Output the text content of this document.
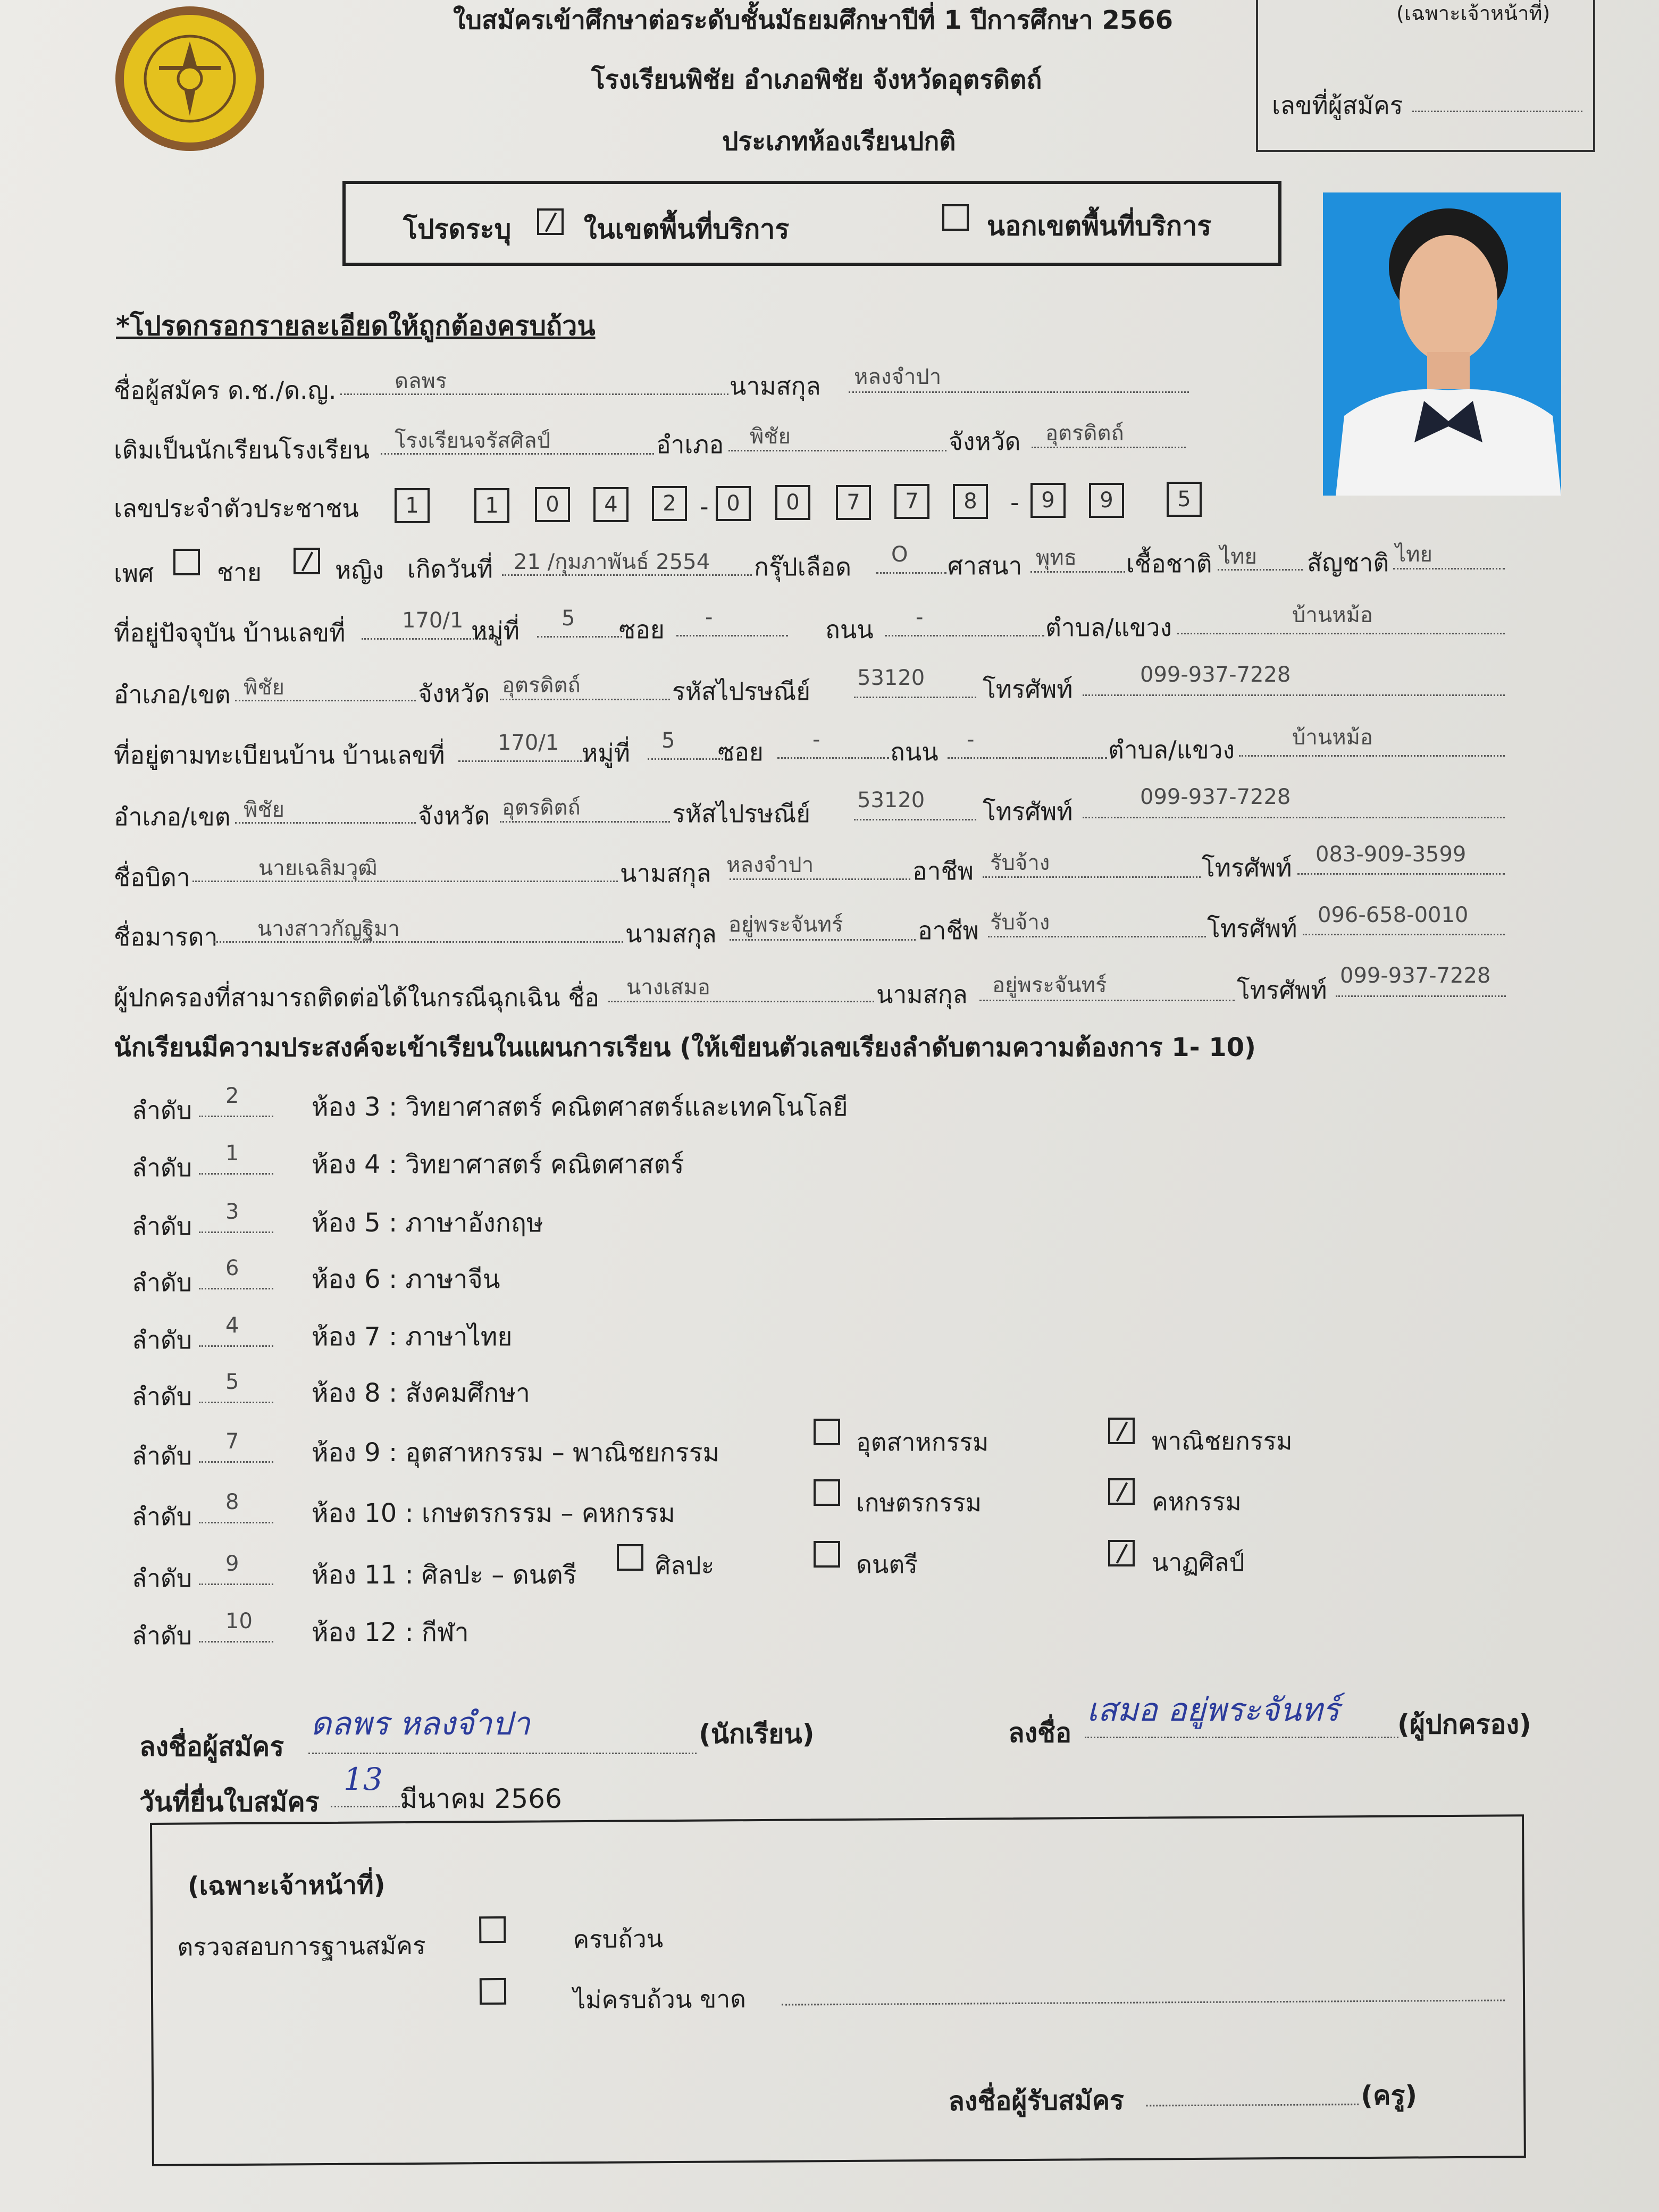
ใบสมัครเข้าศึกษาต่อระดับชั้นมัธยมศึกษาปีที่ 1 ปีการศึกษา 2566
โรงเรียนพิชัย อำเภอพิชัย จังหวัดอุตรดิตถ์
ประเภทห้องเรียนปกติ
(เฉพาะเจ้าหน้าที่)
เลขที่ผู้สมัคร
โปรดระบุ	ในเขตพื้นที่บริการ	นอกเขตพื้นที่บริการ
*โปรดกรอกรายละเอียดให้ถูกต้องครบถ้วน
ชื่อผู้สมัคร ด.ช./ด.ญ.	ดลพร	นามสกุล หลงจำปา
เดิมเป็นนักเรียนโรงเรียน โรงเรียนจรัสศิลป์	อำเภอ พิชัย	จังหวัด อุตรดิตถ์
เลขประจำตัวประชาชน	1	1	0	4	2	0	0	7	7	8	9	9	5
-	-
เพศ	ชาย	หญิง เกิดวันที่ 21 /กุมภาพันธ์ 2554 กรุ๊ปเลือด O ศาสนา พุทธ เชื้อชาติ ไทย สัญชาติ ไทย
ที่อยู่ปัจจุบัน บ้านเลขที่	170/1 หมู่ที่ 5 ซอย -	ถนน -	ตำบล/แขวง	บ้านหม้อ
อำเภอ/เขต พิชัย	จังหวัด อุตรดิตถ์	รหัสไปรษณีย์ 53120 โทรศัพท์	099-937-7228
ที่อยู่ตามทะเบียนบ้าน บ้านเลขที่ 170/1 หมู่ที่ 5 ซอย -	ถนน -	ตำบล/แขวง	บ้านหม้อ
อำเภอ/เขต พิชัย	จังหวัด อุตรดิตถ์	รหัสไปรษณีย์ 53120 โทรศัพท์	099-937-7228
ชื่อบิดา	นายเฉลิมวุฒิ	นามสกุล หลงจำปา	อาชีพ รับจ้าง	โทรศัพท์ 083-909-3599
ชื่อมารดา นางสาวกัญฐิมา	นามสกุล อยู่พระจันทร์	อาชีพ รับจ้าง	โทรศัพท์ 096-658-0010
ผู้ปกครองที่สามารถติดต่อได้ในกรณีฉุกเฉิน ชื่อ นางเสมอ	นามสกุล อยู่พระจันทร์	โทรศัพท์ 099-937-7228
นักเรียนมีความประสงค์จะเข้าเรียนในแผนการเรียน (ให้เขียนตัวเลขเรียงลำดับตามความต้องการ 1- 10)
ลำดับ 2	ห้อง 3 : วิทยาศาสตร์ คณิตศาสตร์และเทคโนโลยี
ลำดับ 1	ห้อง 4 : วิทยาศาสตร์ คณิตศาสตร์
ลำดับ 3	ห้อง 5 : ภาษาอังกฤษ
ลำดับ 6	ห้อง 6 : ภาษาจีน
ลำดับ 4	ห้อง 7 : ภาษาไทย
ลำดับ 5	ห้อง 8 : สังคมศึกษา
ลำดับ 7	ห้อง 9 : อุตสาหกรรม – พาณิชยกรรม
ลำดับ 8	ห้อง 10 : เกษตรกรรม – คหกรรม
ลำดับ 9	ห้อง 11 : ศิลปะ – ดนตรี
ลำดับ 10 ห้อง 12 : กีฬา
อุตสาหกรรม	พาณิชยกรรม
เกษตรกรรม	คหกรรม
ศิลปะ	ดนตรี	นาฏศิลป์
ลงชื่อผู้สมัคร
ดลพร หลงจำปา	(นักเรียน)	ลงชื่อ
เสมอ อยู่พระจันทร์ (ผู้ปกครอง)
วันที่ยื่นใบสมัคร
13
มีนาคม 2566
(เฉพาะเจ้าหน้าที่)
ตรวจสอบการฐานสมัคร	ครบถ้วน
ไม่ครบถ้วน ขาด
ลงชื่อผู้รับสมัคร	(ครู)
